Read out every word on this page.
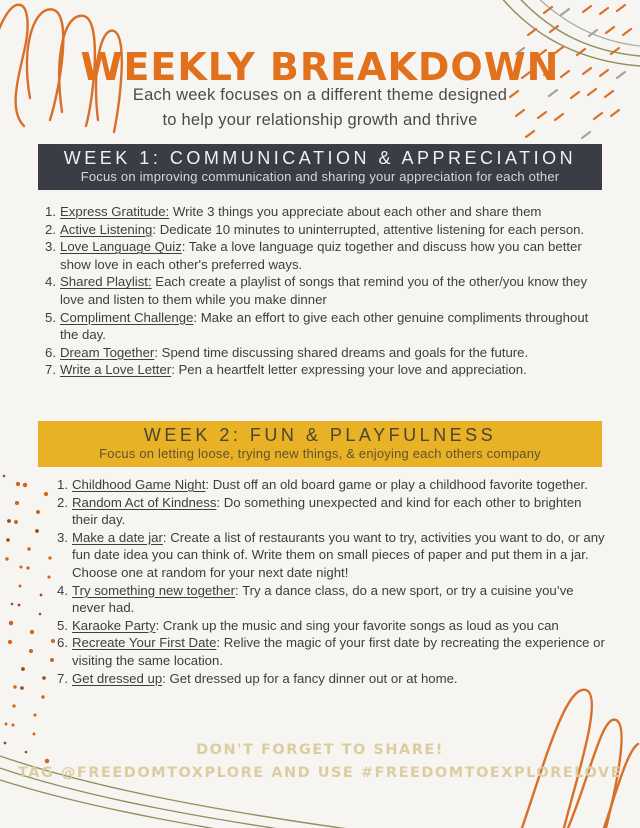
WEEKLY BREAKDOWN
Each week focuses on a different theme designed
to help your relationship growth and thrive
WEEK 1: COMMUNICATION & APPRECIATION
Focus on improving communication and sharing your appreciation for each other
Express Gratitude: Write 3 things you appreciate about each other and share them
Active Listening: Dedicate 10 minutes to uninterrupted, attentive listening for each person.
Love Language Quiz: Take a love language quiz together and discuss how you can better show love in each other's preferred ways.
Shared Playlist: Each create a playlist of songs that remind you of the other/you know they love and listen to them while you make dinner
Compliment Challenge: Make an effort to give each other genuine compliments throughout the day.
Dream Together: Spend time discussing shared dreams and goals for the future.
Write a Love Letter: Pen a heartfelt letter expressing your love and appreciation.
WEEK 2: FUN & PLAYFULNESS
Focus on letting loose, trying new things, & enjoying each others company
Childhood Game Night: Dust off an old board game or play a childhood favorite together.
Random Act of Kindness: Do something unexpected and kind for each other to brighten their day.
Make a date jar: Create a list of restaurants you want to try, activities you want to do, or any fun date idea you can think of. Write them on small pieces of paper and put them in a jar. Choose one at random for your next date night!
Try something new together: Try a dance class, do a new sport, or try a cuisine you’ve never had.
Karaoke Party: Crank up the music and sing your favorite songs as loud as you can
Recreate Your First Date: Relive the magic of your first date by recreating the experience or visiting the same location.
Get dressed up: Get dressed up for a fancy dinner out or at home.
DON'T FORGET TO SHARE!
TAG @FREEDOMTOXPLORE AND USE #FREEDOMTOEXPLORELOVE
